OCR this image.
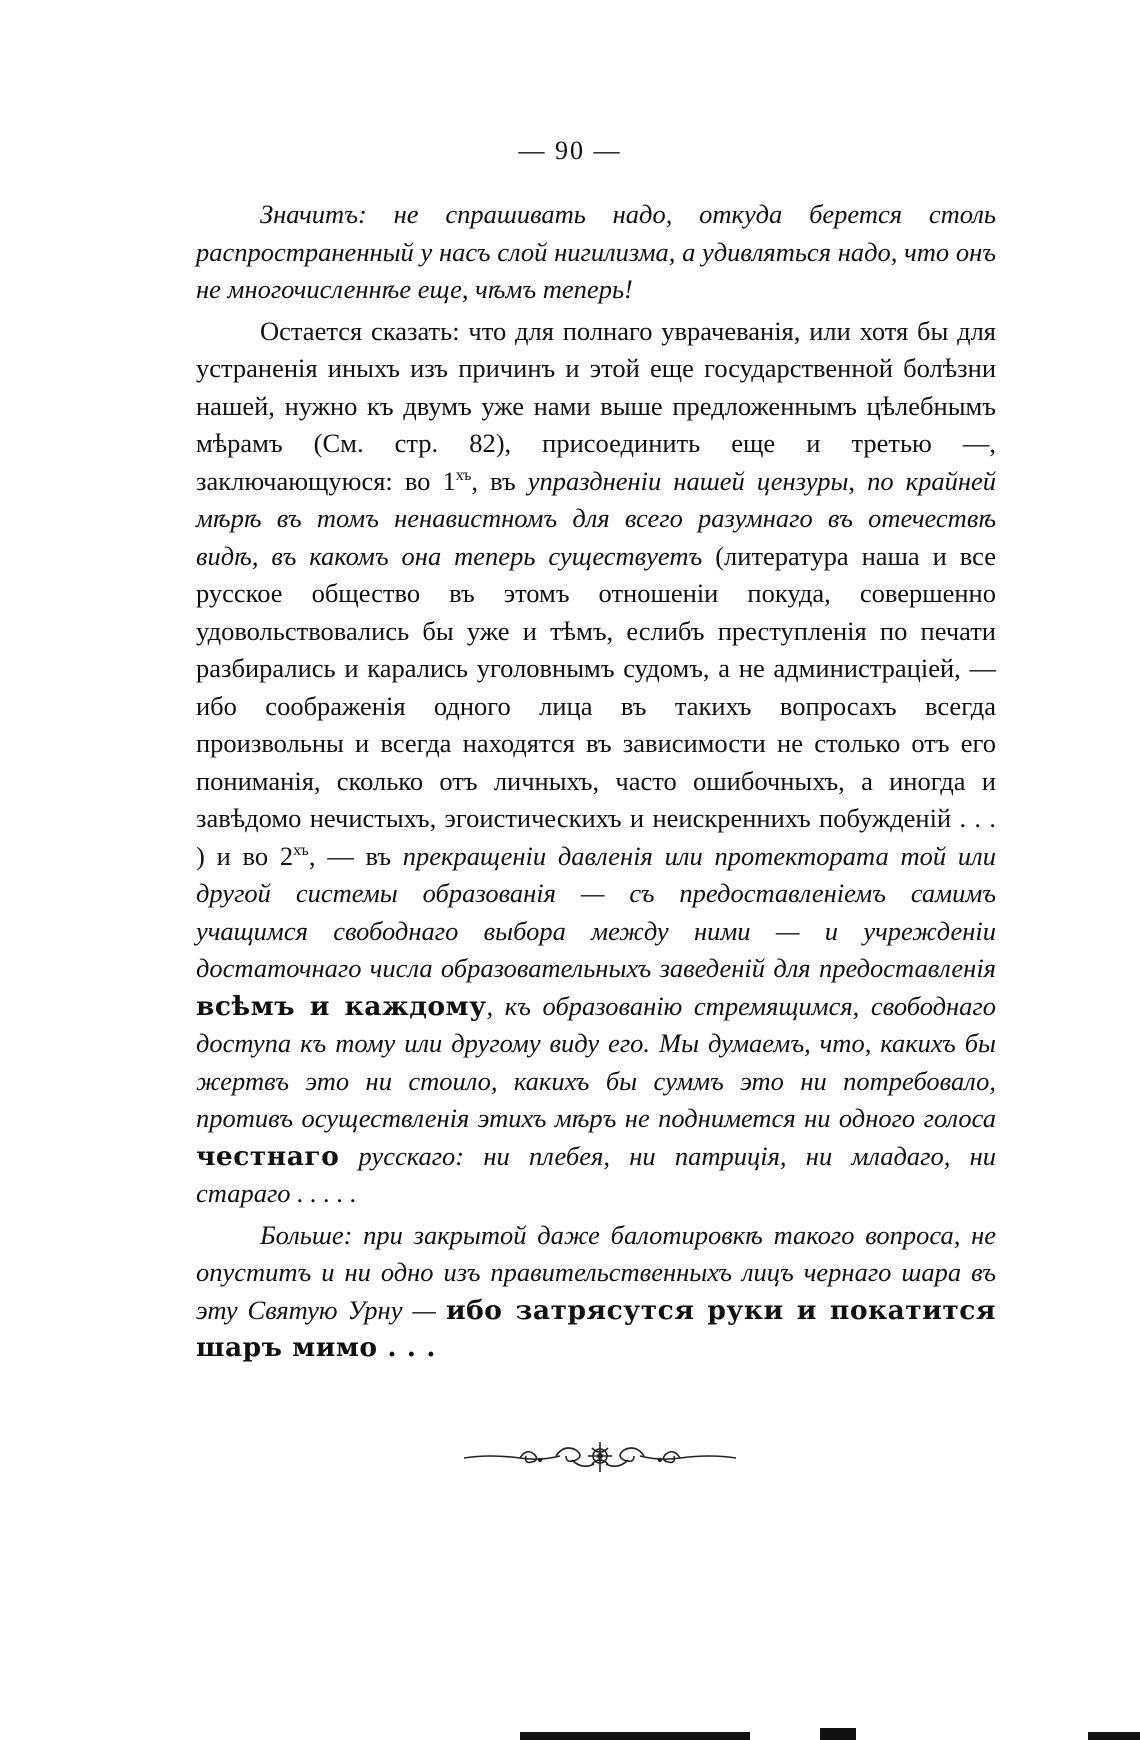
— 90 —

Значитъ: не спрашивать надо, откуда берется столь распространенный у насъ слой нигилизма, а удивляться надо, что онъ не многочисленнѣе еще, чѣмъ теперь!

Остается сказать: что для полнаго уврачеванія, или хотя бы для устраненія иныхъ изъ причинъ и этой еще государственной болѣзни нашей, нужно къ двумъ уже нами выше предложеннымъ цѣлебнымъ мѣрамъ (См. стр. 82), присоединить еще и третью —, заключающуюся: во $1^{хъ}$, въ упраздненіи нашей цензуры, по крайней мѣрѣ въ томъ ненавистномъ для всего разумнаго въ отечествѣ видѣ, въ какомъ она теперь существуетъ (литература наша и все русское общество въ этомъ отношеніи покуда, совершенно удовольствовались бы уже и тѣмъ, еслибъ преступленія по печати разбирались и карались уголовнымъ судомъ, а не администраціей, — ибо соображенія одного лица въ такихъ вопросахъ всегда произвольны и всегда находятся въ зависимости не столько отъ его пониманія, сколько отъ личныхъ, часто ошибочныхъ, а иногда и завѣдомо нечистыхъ, эгоистическихъ и неискреннихъ побужденій . . . ) и во $2^{хъ}$, — въ прекращеніи давленія или протектората той или другой системы образованія — съ предоставленіемъ самимъ учащимся свободнаго выбора между ними — и учрежденіи достаточнаго числа образовательныхъ заведеній для предоставленія всѣмъ и каждому, къ образованію стремящимся, свободнаго доступа къ тому или другому виду его. Мы думаемъ, что, какихъ бы жертвъ это ни стоило, какихъ бы суммъ это ни потребовало, противъ осуществленія этихъ мѣръ не поднимется ни одного голоса честнаго русскаго: ни плебея, ни патриція, ни младаго, ни стараго . . . . .

Больше: при закрытой даже балотировкѣ такого вопроса, не опуститъ и ни одно изъ правительственныхъ лицъ чернаго шара въ эту Святую Урну — ибо затрясутся руки и покатится шаръ мимо . . .
